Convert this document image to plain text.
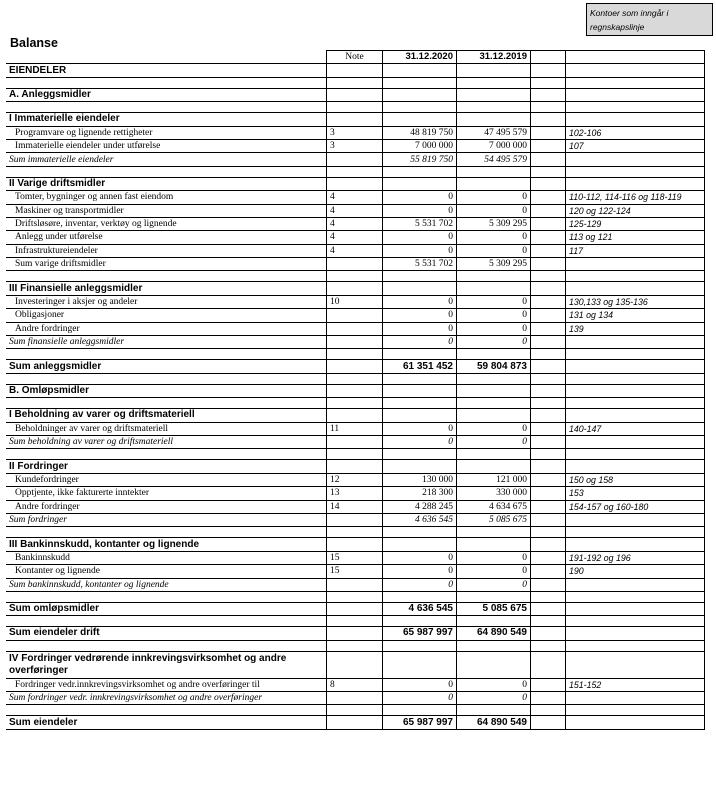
Kontoer som inngår i regnskapslinje
Balanse
	Note	31.12.2020	31.12.2019		
EIENDELER					

A. Anleggsmidler					

I Immaterielle eiendeler					
Programvare og lignende rettigheter	3	48 819 750	47 495 579		102-106
Immaterielle eiendeler under utførelse	3	7 000 000	7 000 000		107
Sum immaterielle eiendeler		55 819 750	54 495 579		

II Varige driftsmidler					
Tomter, bygninger og annen fast eiendom	4	0	0		110-112, 114-116 og 118-119
Maskiner og transportmidler	4	0	0		120 og 122-124
Driftsløsøre, inventar, verktøy og lignende	4	5 531 702	5 309 295		125-129
Anlegg under utførelse	4	0	0		113 og 121
Infrastruktureiendeler	4	0	0		117
Sum varige driftsmidler		5 531 702	5 309 295		

III Finansielle anleggsmidler					
Investeringer i aksjer og andeler	10	0	0		130,133 og 135-136
Obligasjoner		0	0		131 og 134
Andre fordringer		0	0		139
Sum finansielle anleggsmidler		0	0		

Sum anleggsmidler		61 351 452	59 804 873		

B. Omløpsmidler					

I Beholdning av varer og driftsmateriell					
Beholdninger av varer og driftsmateriell	11	0	0		140-147
Sum beholdning av varer og driftsmateriell		0	0		

II Fordringer					
Kundefordringer	12	130 000	121 000		150 og 158
Opptjente, ikke fakturerte inntekter	13	218 300	330 000		153
Andre fordringer	14	4 288 245	4 634 675		154-157 og 160-180
Sum fordringer		4 636 545	5 085 675		

III Bankinnskudd, kontanter og lignende					
Bankinnskudd	15	0	0		191-192 og 196
Kontanter og lignende	15	0	0		190
Sum bankinnskudd, kontanter og lignende		0	0		

Sum omløpsmidler		4 636 545	5 085 675		

Sum eiendeler drift		65 987 997	64 890 549		

IV Fordringer vedrørende innkrevingsvirksomhet og andre overføringer					
Fordringer vedr.innkrevingsvirksomhet og andre overføringer til	8	0	0		151-152
Sum fordringer vedr. innkrevingsvirksomhet og andre overføringer		0	0		

Sum eiendeler		65 987 997	64 890 549		
